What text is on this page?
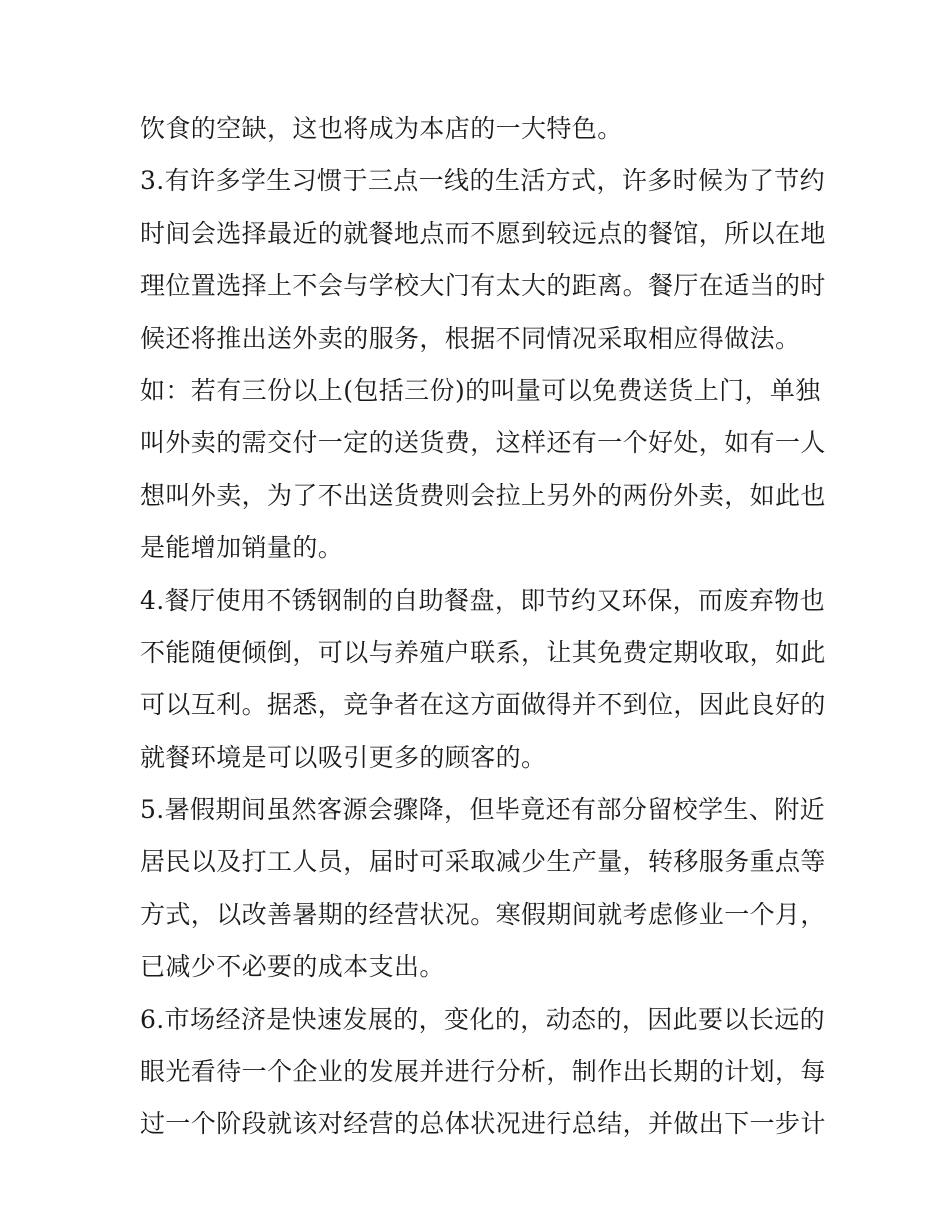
饮食的空缺，这也将成为本店的一大特色。
3.有许多学生习惯于三点一线的生活方式，许多时候为了节约
时间会选择最近的就餐地点而不愿到较远点的餐馆，所以在地
理位置选择上不会与学校大门有太大的距离。餐厅在适当的时
候还将推出送外卖的服务，根据不同情况采取相应得做法。
如：若有三份以上(包括三份)的叫量可以免费送货上门，单独
叫外卖的需交付一定的送货费，这样还有一个好处，如有一人
想叫外卖，为了不出送货费则会拉上另外的两份外卖，如此也
是能增加销量的。
4.餐厅使用不锈钢制的自助餐盘，即节约又环保，而废弃物也
不能随便倾倒，可以与养殖户联系，让其免费定期收取，如此
可以互利。据悉，竞争者在这方面做得并不到位，因此良好的
就餐环境是可以吸引更多的顾客的。
5.暑假期间虽然客源会骤降，但毕竟还有部分留校学生、附近
居民以及打工人员，届时可采取减少生产量，转移服务重点等
方式，以改善暑期的经营状况。寒假期间就考虑修业一个月，
已减少不必要的成本支出。
6.市场经济是快速发展的，变化的，动态的，因此要以长远的
眼光看待一个企业的发展并进行分析，制作出长期的计划，每
过一个阶段就该对经营的总体状况进行总结，并做出下一步计
